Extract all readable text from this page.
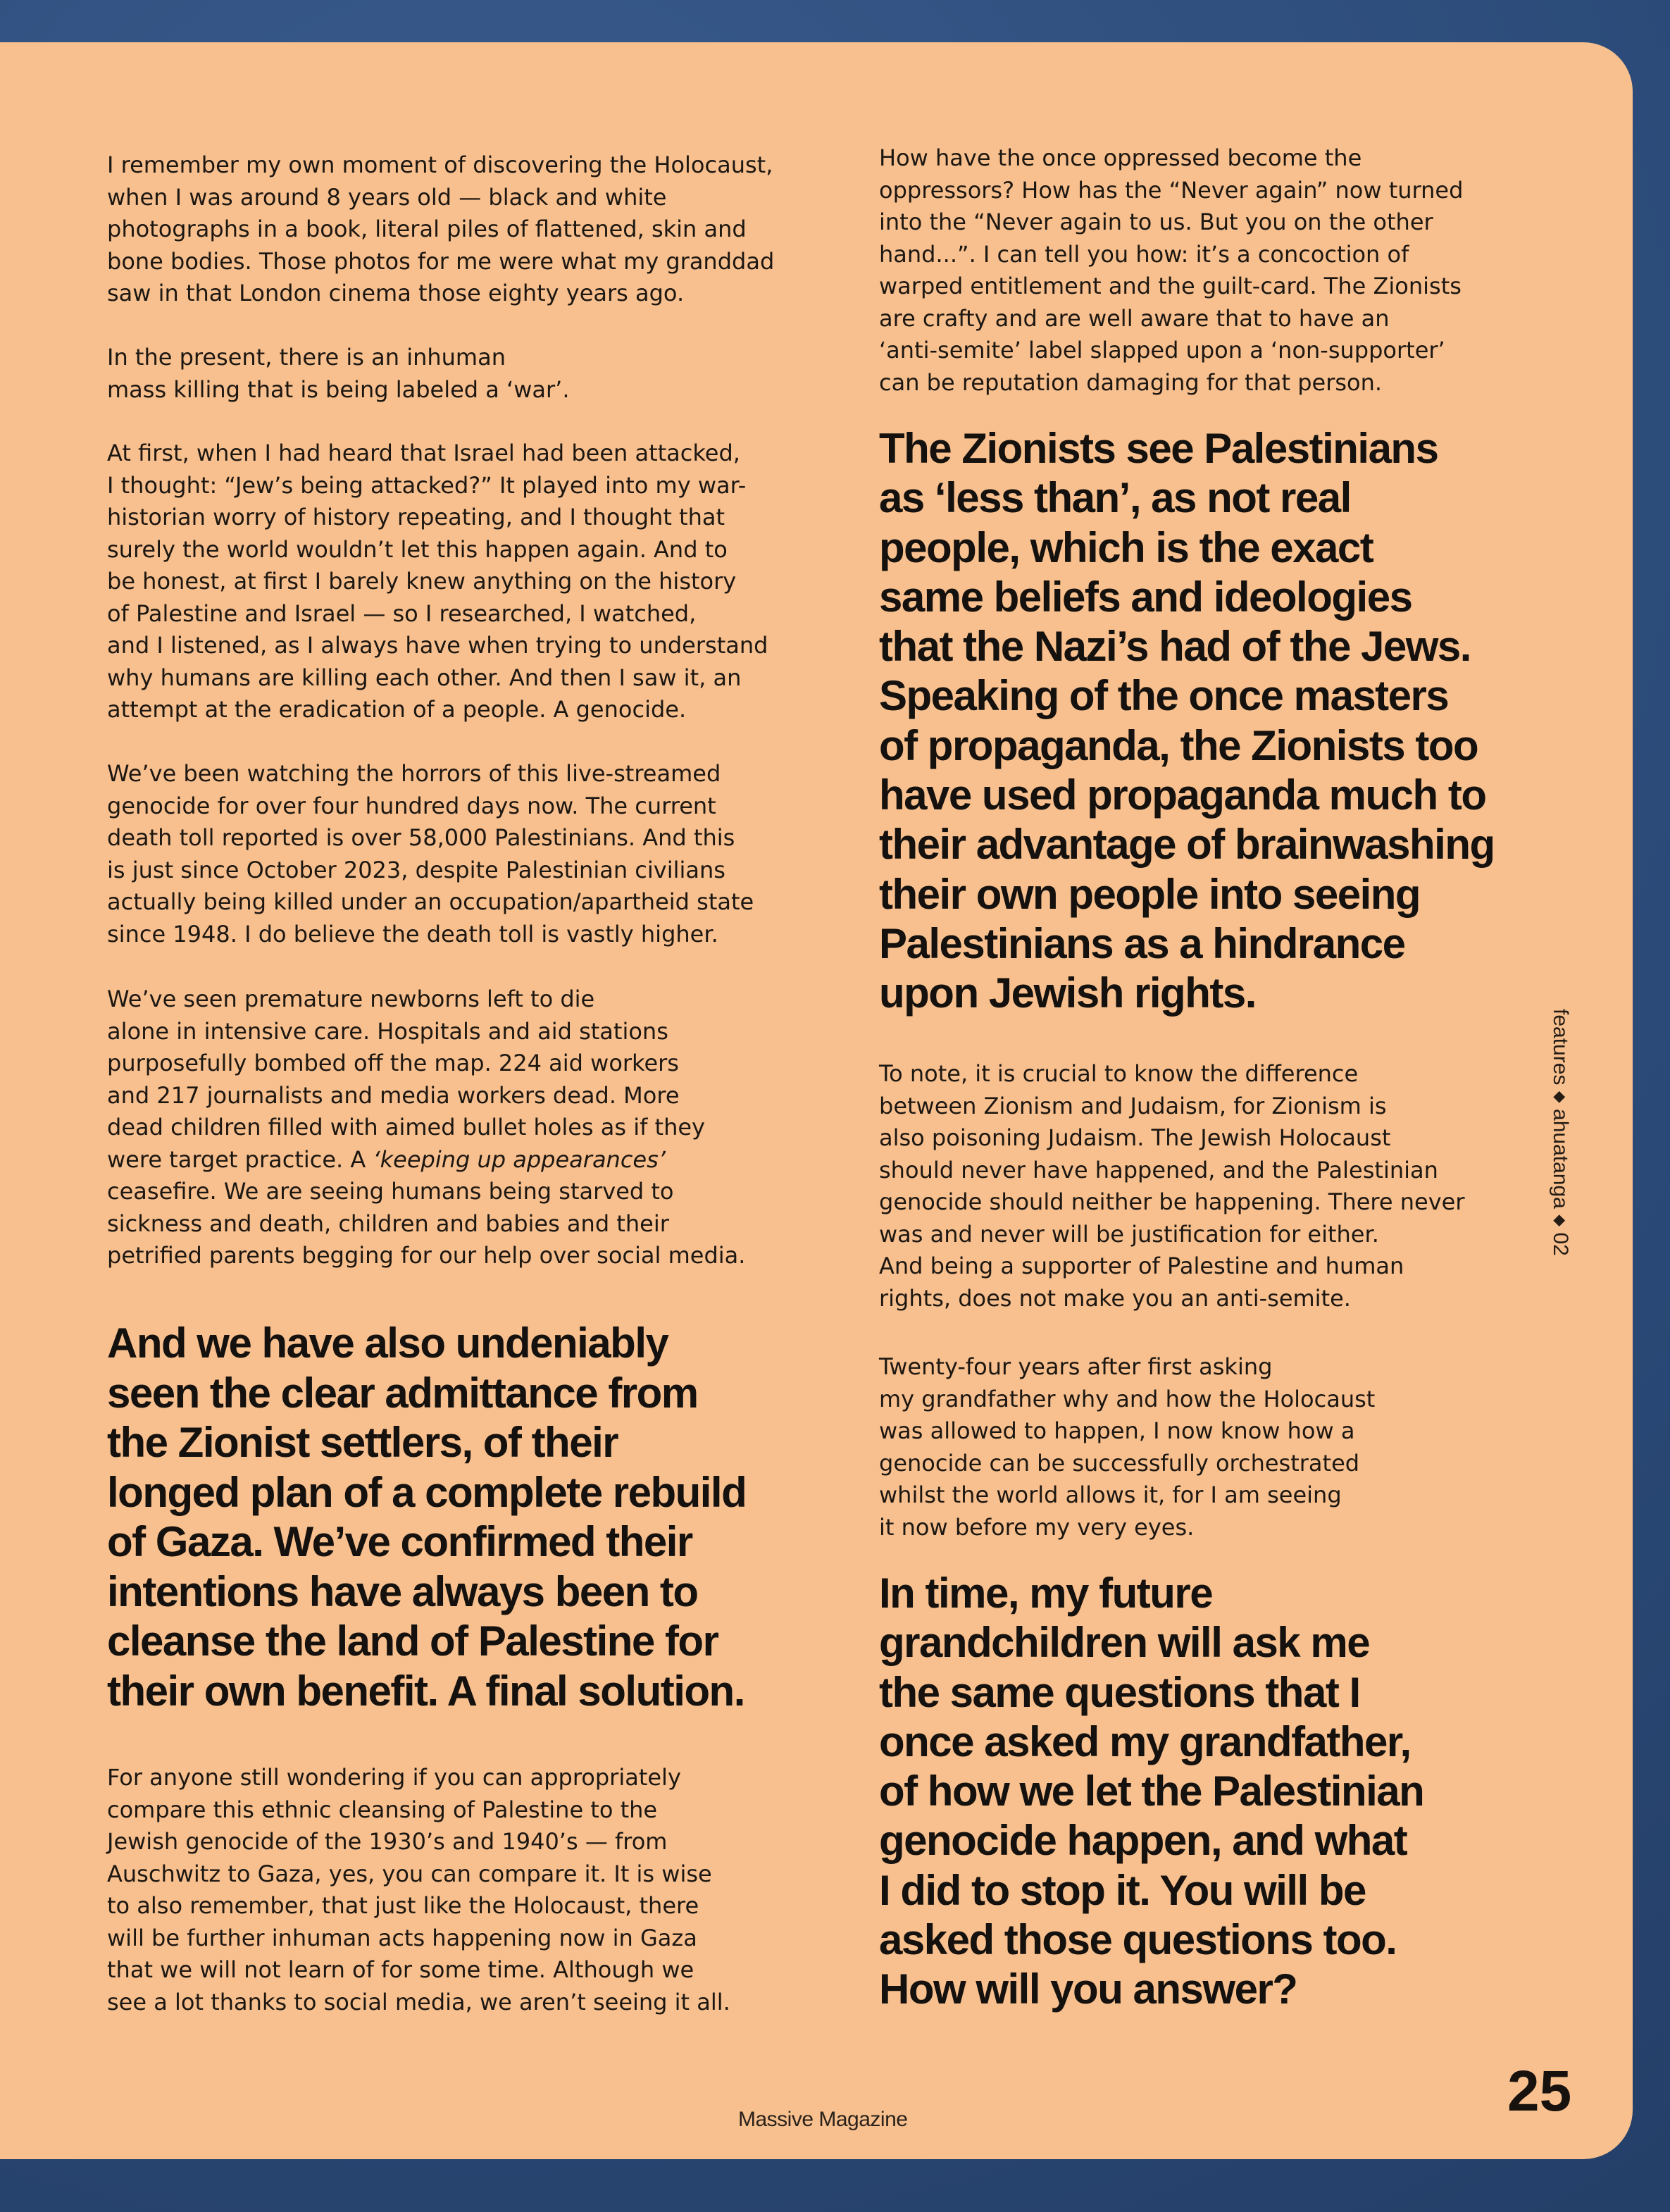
I remember my own moment of discovering the Holocaust,
when I was around 8 years old — black and white
photographs in a book, literal piles of flattened, skin and
bone bodies. Those photos for me were what my granddad
saw in that London cinema those eighty years ago.

In the present, there is an inhuman
mass killing that is being labeled a ‘war’.

At first, when I had heard that Israel had been attacked,
I thought: “Jew’s being attacked?” It played into my war-
historian worry of history repeating, and I thought that
surely the world wouldn’t let this happen again. And to
be honest, at first I barely knew anything on the history
of Palestine and Israel — so I researched, I watched,
and I listened, as I always have when trying to understand
why humans are killing each other. And then I saw it, an
attempt at the eradication of a people. A genocide.

We’ve been watching the horrors of this live-streamed
genocide for over four hundred days now. The current
death toll reported is over 58,000 Palestinians. And this
is just since October 2023, despite Palestinian civilians
actually being killed under an occupation/apartheid state
since 1948. I do believe the death toll is vastly higher.

We’ve seen premature newborns left to die
alone in intensive care. Hospitals and aid stations
purposefully bombed off the map. 224 aid workers
and 217 journalists and media workers dead. More
dead children filled with aimed bullet holes as if they
were target practice. A ‘keeping up appearances’
ceasefire. We are seeing humans being starved to
sickness and death, children and babies and their
petrified parents begging for our help over social media.

And we have also undeniably
seen the clear admittance from
the Zionist settlers, of their
longed plan of a complete rebuild
of Gaza. We’ve confirmed their
intentions have always been to
cleanse the land of Palestine for
their own benefit. A final solution.

For anyone still wondering if you can appropriately
compare this ethnic cleansing of Palestine to the
Jewish genocide of the 1930’s and 1940’s — from
Auschwitz to Gaza, yes, you can compare it. It is wise
to also remember, that just like the Holocaust, there
will be further inhuman acts happening now in Gaza
that we will not learn of for some time. Although we
see a lot thanks to social media, we aren’t seeing it all.

How have the once oppressed become the
oppressors? How has the “Never again” now turned
into the “Never again to us. But you on the other
hand...”. I can tell you how: it’s a concoction of
warped entitlement and the guilt-card. The Zionists
are crafty and are well aware that to have an
‘anti-semite’ label slapped upon a ‘non-supporter’
can be reputation damaging for that person.

The Zionists see Palestinians
as ‘less than’, as not real
people, which is the exact
same beliefs and ideologies
that the Nazi’s had of the Jews.
Speaking of the once masters
of propaganda, the Zionists too
have used propaganda much to
their advantage of brainwashing
their own people into seeing
Palestinians as a hindrance
upon Jewish rights.

To note, it is crucial to know the difference
between Zionism and Judaism, for Zionism is
also poisoning Judaism. The Jewish Holocaust
should never have happened, and the Palestinian
genocide should neither be happening. There never
was and never will be justification for either.
And being a supporter of Palestine and human
rights, does not make you an anti-semite.

Twenty-four years after first asking
my grandfather why and how the Holocaust
was allowed to happen, I now know how a
genocide can be successfully orchestrated
whilst the world allows it, for I am seeing
it now before my very eyes.

In time, my future
grandchildren will ask me
the same questions that I
once asked my grandfather,
of how we let the Palestinian
genocide happen, and what
I did to stop it. You will be
asked those questions too.
How will you answer?

features ◆ ahuatanga ◆ 02
Massive Magazine	25
